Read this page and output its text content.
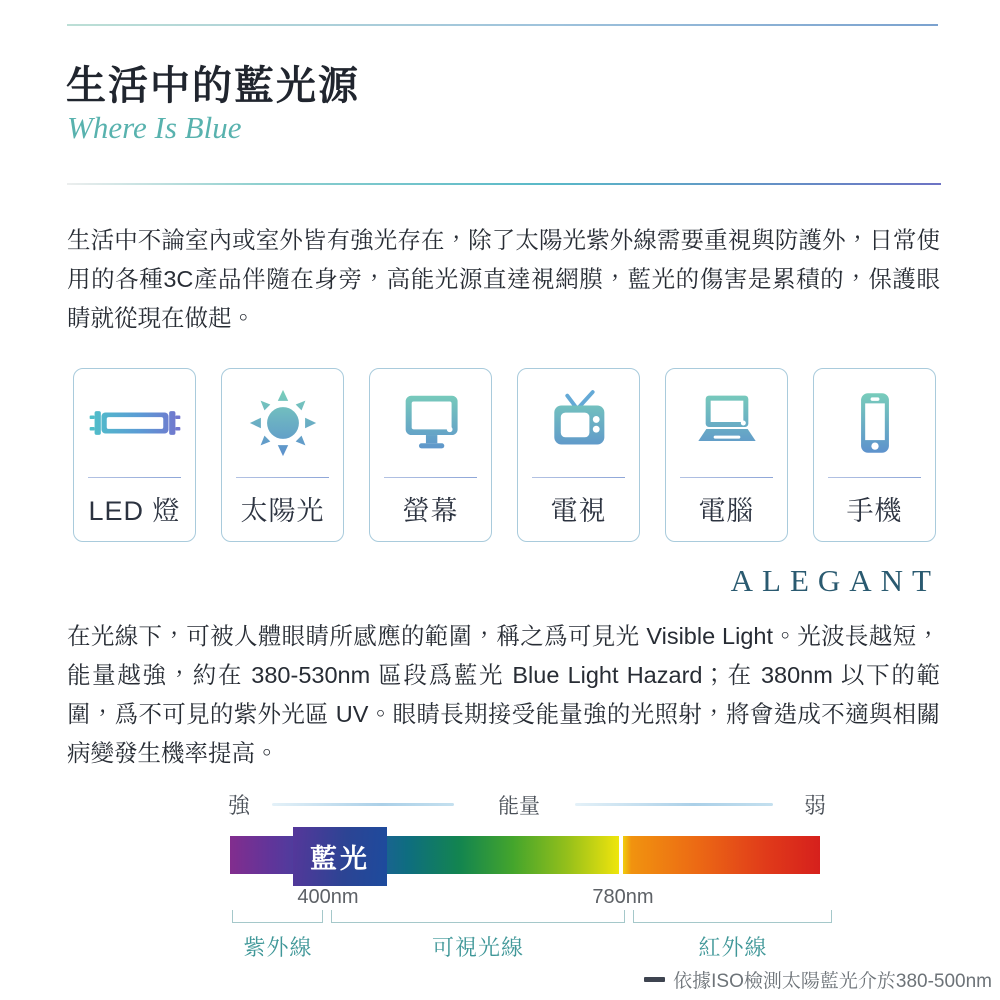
生活中的藍光源
Where Is Blue

生活中不論室內或室外皆有強光存在，除了太陽光紫外線需要重視與防護外，日常使用的各種3C產品伴隨在身旁，高能光源直達視網膜，藍光的傷害是累積的，保護眼睛就從現在做起。

LED 燈	太陽光	螢幕	電視	電腦	手機
ALEGANT

在光線下，可被人體眼睛所感應的範圍，稱之爲可見光 Visible Light。光波長越短，能量越強，約在 380-530nm 區段爲藍光 Blue Light Hazard；在 380nm 以下的範圍，爲不可見的紫外光區 UV。眼睛長期接受能量強的光照射，將會造成不適與相關病變發生機率提高。

強	能量	弱
藍光
400nm	780nm
紫外線	可視光線	紅外線
依據ISO檢測太陽藍光介於380-500nm
